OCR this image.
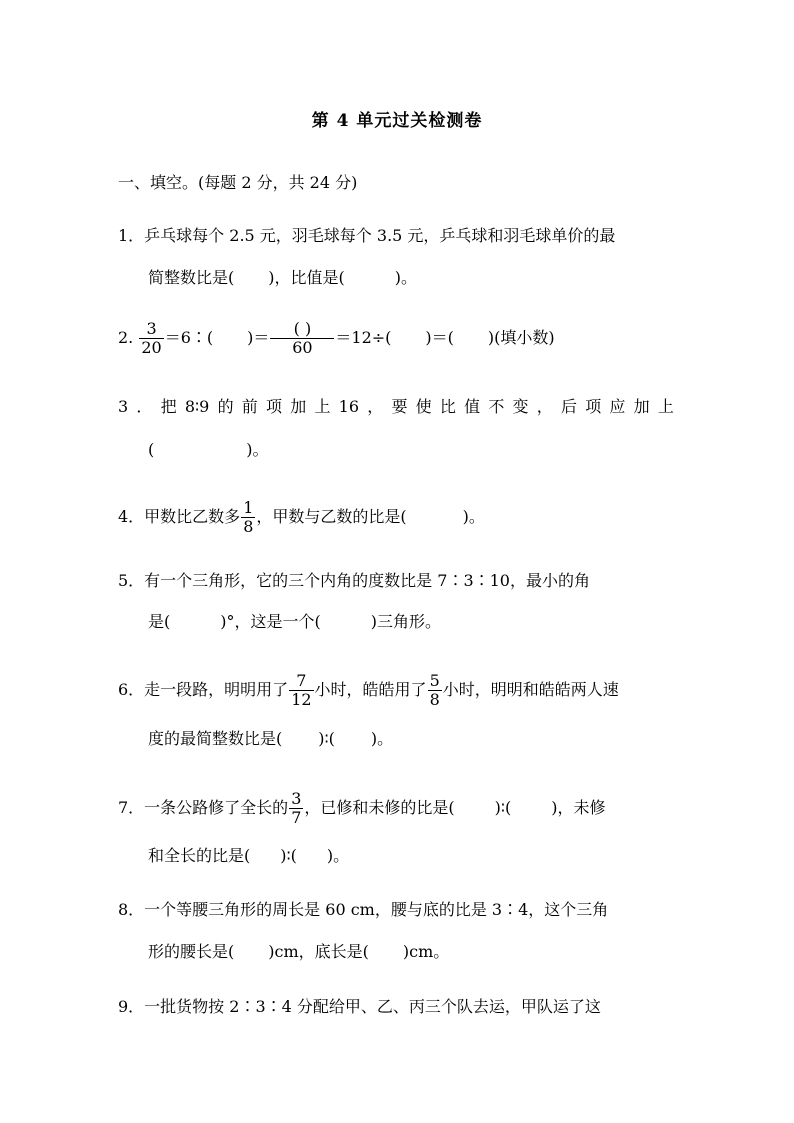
第 4 单元过关检测卷
一、填空。(每题 2 分，共 24 分)
1．乒乓球每个 2.5 元，羽毛球每个 3.5 元，乒乓球和羽毛球单价的最
简整数比是( )，比值是(	)。
2. $\frac{3}{20}$ ＝6∶( )＝ $\frac{( )}{60} =12\div$( )＝( )(填小数)
3 ． 把 8∶9 的 前 项 加 上 16 ， 要 使 比 值 不 变 ， 后 项 应 加 上
(	)。
4．甲数比乙数多 $\frac{1}{8}$ ，甲数与乙数的比是(	)。
5．有一个三角形，它的三个内角的度数比是 7∶3∶10，最小的角
是(	)°，这是一个(	)三角形。
6．走一段路，明明用了 $\frac{7}{12}$ 小时，皓皓用了 $\frac{5}{8}$ 小时，明明和皓皓两人速
度的最简整数比是( )∶( )。
7．一条公路修了全长的 $\frac{3}{7}$ ，已修和未修的比是(	)∶(	)，未修
和全长的比是( )∶( )。
8．一个等腰三角形的周长是 60 cm，腰与底的比是 3∶4，这个三角
形的腰长是( )cm，底长是( )cm。
9．一批货物按 2∶3∶4 分配给甲、乙、丙三个队去运，甲队运了这
